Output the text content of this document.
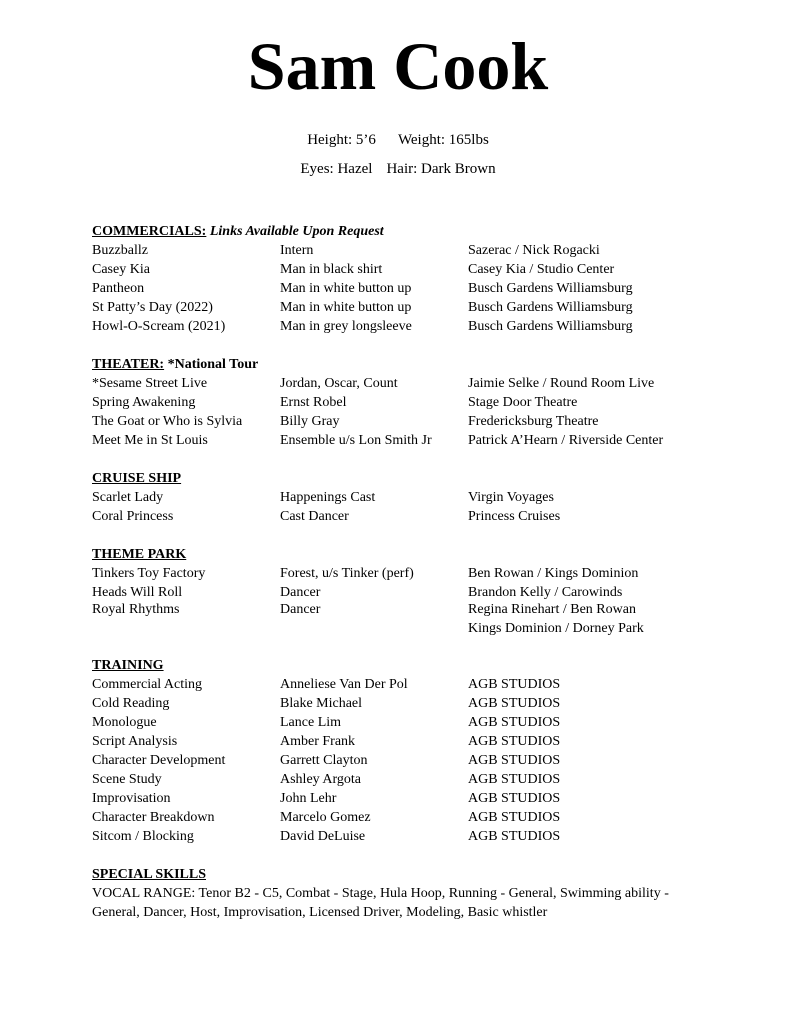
Sam Cook
Height: 5’6 Weight: 165lbs
Eyes: Hazel Hair: Dark Brown
COMMERCIALS: Links Available Upon Request
Buzzballz	Intern	Sazerac / Nick Rogacki
Casey Kia	Man in black shirt	Casey Kia / Studio Center
Pantheon	Man in white button up	Busch Gardens Williamsburg
St Patty’s Day (2022)	Man in white button up	Busch Gardens Williamsburg
Howl-O-Scream (2021)	Man in grey longsleeve	Busch Gardens Williamsburg
THEATER: *National Tour
*Sesame Street Live	Jordan, Oscar, Count	Jaimie Selke / Round Room Live
Spring Awakening	Ernst Robel	Stage Door Theatre
The Goat or Who is Sylvia	Billy Gray	Fredericksburg Theatre
Meet Me in St Louis	Ensemble u/s Lon Smith Jr	Patrick A’Hearn / Riverside Center
CRUISE SHIP
Scarlet Lady	Happenings Cast	Virgin Voyages
Coral Princess	Cast Dancer	Princess Cruises
THEME PARK
Tinkers Toy Factory	Forest, u/s Tinker (perf)	Ben Rowan / Kings Dominion
Heads Will Roll	Dancer	Brandon Kelly / Carowinds
Royal Rhythms	Dancer	Regina Rinehart / Ben Rowan
Kings Dominion / Dorney Park
TRAINING
Commercial Acting	Anneliese Van Der Pol	AGB STUDIOS
Cold Reading	Blake Michael	AGB STUDIOS
Monologue	Lance Lim	AGB STUDIOS
Script Analysis	Amber Frank	AGB STUDIOS
Character Development	Garrett Clayton	AGB STUDIOS
Scene Study	Ashley Argota	AGB STUDIOS
Improvisation	John Lehr	AGB STUDIOS
Character Breakdown	Marcelo Gomez	AGB STUDIOS
Sitcom / Blocking	David DeLuise	AGB STUDIOS
SPECIAL SKILLS
VOCAL RANGE: Tenor B2 - C5, Combat - Stage, Hula Hoop, Running - General, Swimming ability - General, Dancer, Host, Improvisation, Licensed Driver, Modeling, Basic whistler
